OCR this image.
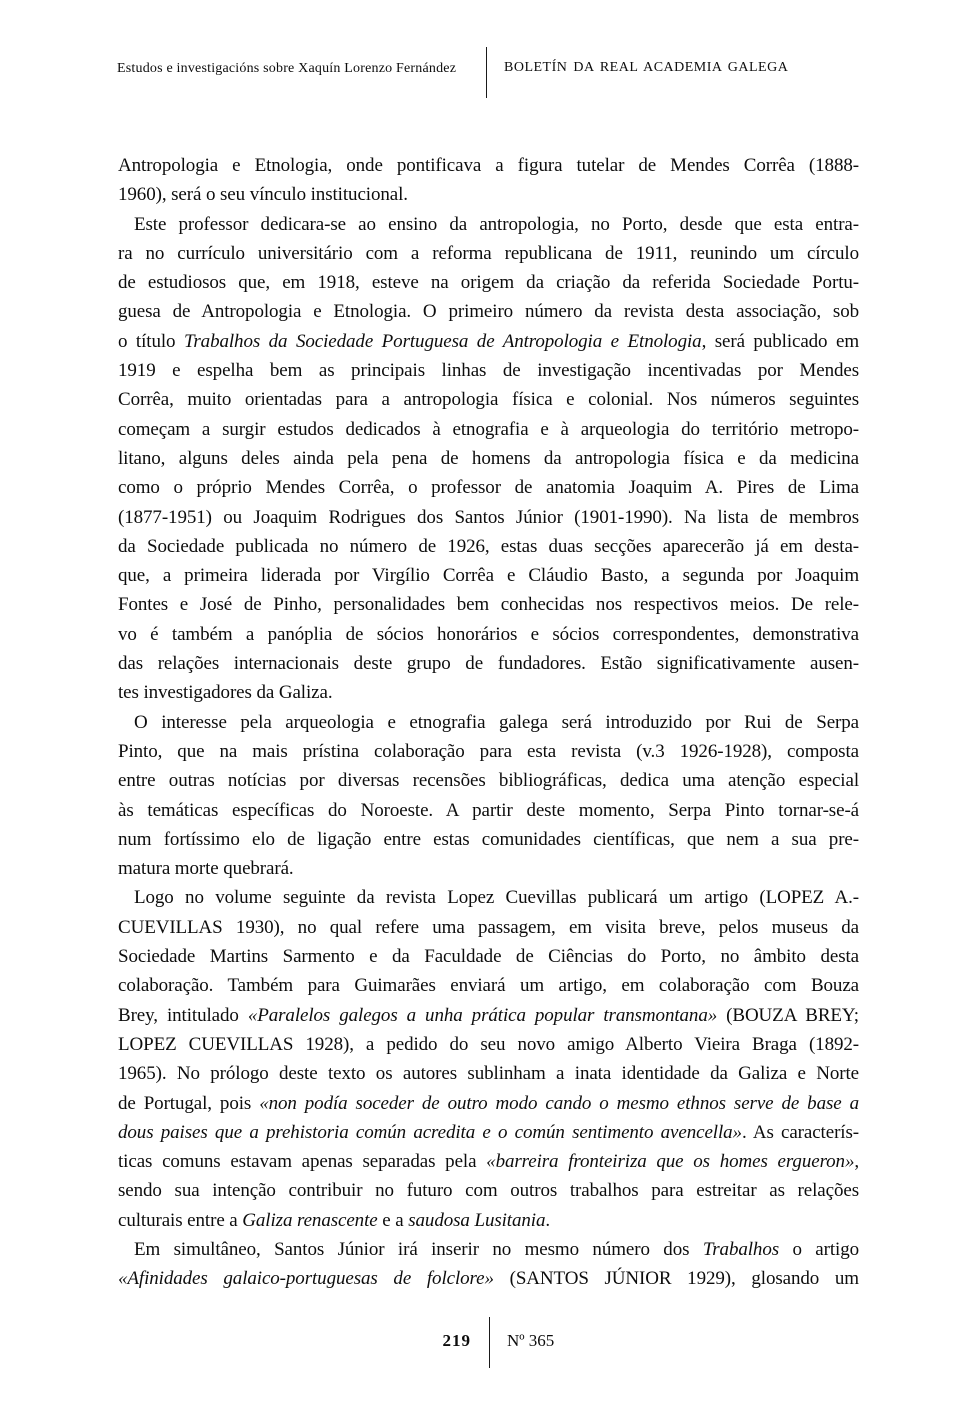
Estudos e investigacións sobre Xaquín Lorenzo Fernández	BOLETÍN DA REAL ACADEMIA GALEGA
Antropologia e Etnologia, onde pontificava a figura tutelar de Mendes Corrêa (1888-
1960), será o seu vínculo institucional.
Este professor dedicara-se ao ensino da antropologia, no Porto, desde que esta entra-
ra no currículo universitário com a reforma republicana de 1911, reunindo um círculo
de estudiosos que, em 1918, esteve na origem da criação da referida Sociedade Portu-
guesa de Antropologia e Etnologia. O primeiro número da revista desta associação, sob
o título Trabalhos da Sociedade Portuguesa de Antropologia e Etnologia, será publicado em
1919 e espelha bem as principais linhas de investigação incentivadas por Mendes
Corrêa, muito orientadas para a antropologia física e colonial. Nos números seguintes
começam a surgir estudos dedicados à etnografia e à arqueologia do território metropo-
litano, alguns deles ainda pela pena de homens da antropologia física e da medicina
como o próprio Mendes Corrêa, o professor de anatomia Joaquim A. Pires de Lima
(1877-1951) ou Joaquim Rodrigues dos Santos Júnior (1901-1990). Na lista de membros
da Sociedade publicada no número de 1926, estas duas secções aparecerão já em desta-
que, a primeira liderada por Virgílio Corrêa e Cláudio Basto, a segunda por Joaquim
Fontes e José de Pinho, personalidades bem conhecidas nos respectivos meios. De rele-
vo é também a panóplia de sócios honorários e sócios correspondentes, demonstrativa
das relações internacionais deste grupo de fundadores. Estão significativamente ausen-
tes investigadores da Galiza.
O interesse pela arqueologia e etnografia galega será introduzido por Rui de Serpa
Pinto, que na mais prístina colaboração para esta revista (v.3 1926-1928), composta
entre outras notícias por diversas recensões bibliográficas, dedica uma atenção especial
às temáticas específicas do Noroeste. A partir deste momento, Serpa Pinto tornar-se-á
num fortíssimo elo de ligação entre estas comunidades científicas, que nem a sua pre-
matura morte quebrará.
Logo no volume seguinte da revista Lopez Cuevillas publicará um artigo (LOPEZ A.-
CUEVILLAS 1930), no qual refere uma passagem, em visita breve, pelos museus da
Sociedade Martins Sarmento e da Faculdade de Ciências do Porto, no âmbito desta
colaboração. Também para Guimarães enviará um artigo, em colaboração com Bouza
Brey, intitulado «Paralelos galegos a unha prática popular transmontana» (BOUZA BREY;
LOPEZ CUEVILLAS 1928), a pedido do seu novo amigo Alberto Vieira Braga (1892-
1965). No prólogo deste texto os autores sublinham a inata identidade da Galiza e Norte
de Portugal, pois «non podía soceder de outro modo cando o mesmo ethnos serve de base a
dous paises que a prehistoria común acredita e o común sentimento avencella». As caracterís-
ticas comuns estavam apenas separadas pela «barreira fronteiriza que os homes ergueron»,
sendo sua intenção contribuir no futuro com outros trabalhos para estreitar as relações
culturais entre a Galiza renascente e a saudosa Lusitania.
Em simultâneo, Santos Júnior irá inserir no mesmo número dos Trabalhos o artigo
«Afinidades galaico-portuguesas de folclore» (SANTOS JÚNIOR 1929), glosando um
219 Nº 365
